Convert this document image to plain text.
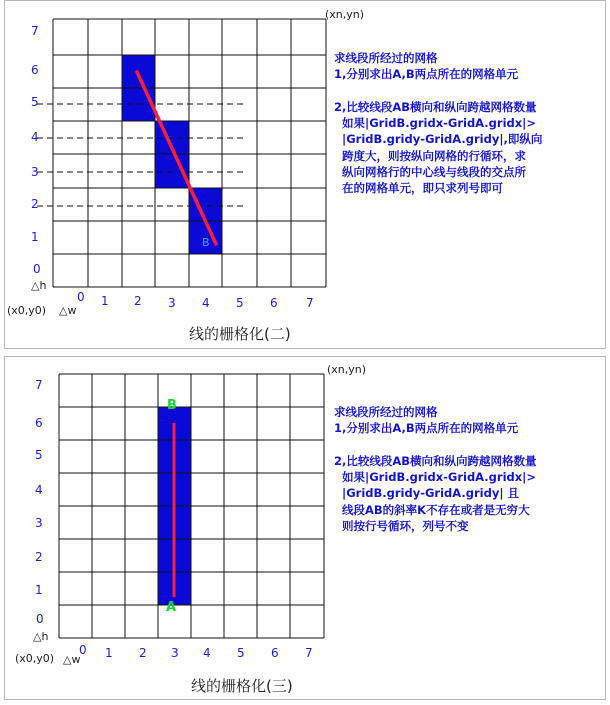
B
7
6
5
4
3
2
1
0
0 1 2 3 4 5 6 7
△h
△w
(x0,y0)
(xn,yn)
线的栅格化(二)
求线段所经过的网格
1,分别求出A,B两点所在的网格单元

2,比较线段AB横向和纵向跨越网格数量
如果|GridB.gridx-GridA.gridx|>
|GridB.gridy-GridA.gridy|,即纵向
跨度大，则按纵向网格的行循环，求
纵向网格行的中心线与线段的交点所
在的网格单元，即只求列号即可
B
A
7
6
5
4
3
2
1
0
0 1 2 3 4 5 6 7
△h
△w
(x0,y0)
(xn,yn)
线的栅格化(三)
求线段所经过的网格
1,分别求出A,B两点所在的网格单元

2,比较线段AB横向和纵向跨越网格数量
如果|GridB.gridx-GridA.gridx|>
|GridB.gridy-GridA.gridy| 且
线段AB的斜率K不存在或者是无穷大
则按行号循环，列号不变
